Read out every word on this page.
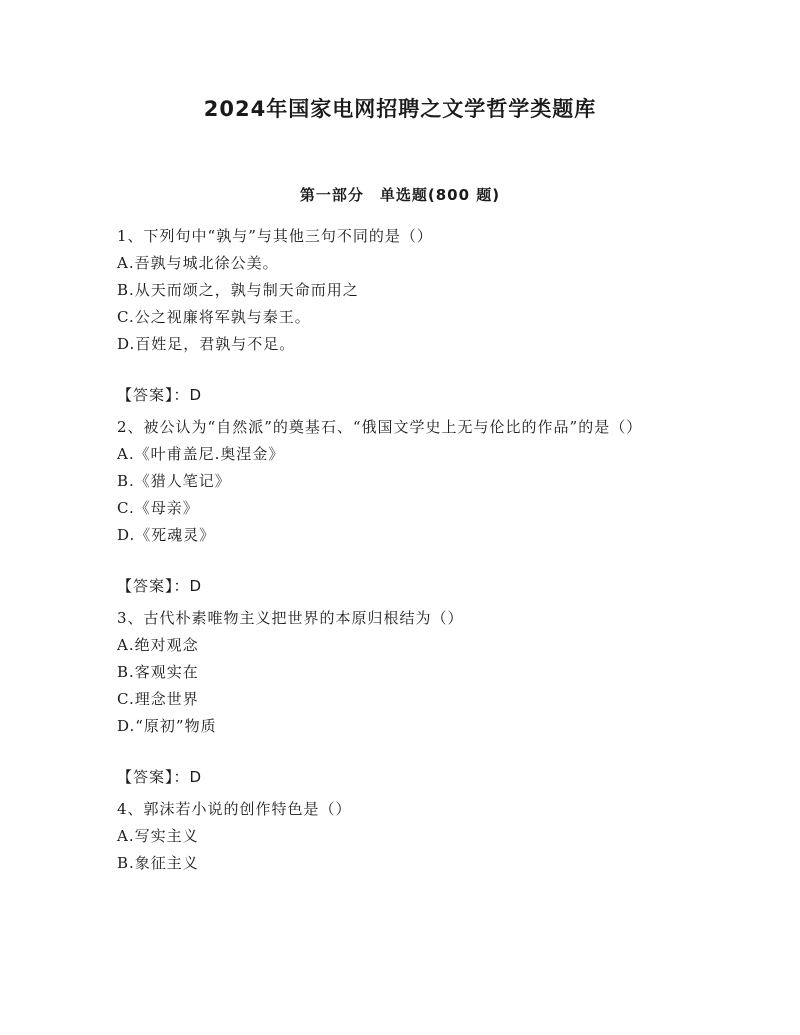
2024年国家电网招聘之文学哲学类题库
第一部分　单选题(800 题)
1、下列句中“孰与”与其他三句不同的是（）
A.吾孰与城北徐公美。
B.从天而颂之，孰与制天命而用之
C.公之视廉将军孰与秦王。
D.百姓足，君孰与不足。
【答案】：D
2、被公认为“自然派”的奠基石、“俄国文学史上无与伦比的作品”的是（）
A.《叶甫盖尼.奥涅金》
B.《猎人笔记》
C.《母亲》
D.《死魂灵》
【答案】：D
3、古代朴素唯物主义把世界的本原归根结为（）
A.绝对观念
B.客观实在
C.理念世界
D.“原初”物质
【答案】：D
4、郭沫若小说的创作特色是（）
A.写实主义
B.象征主义
